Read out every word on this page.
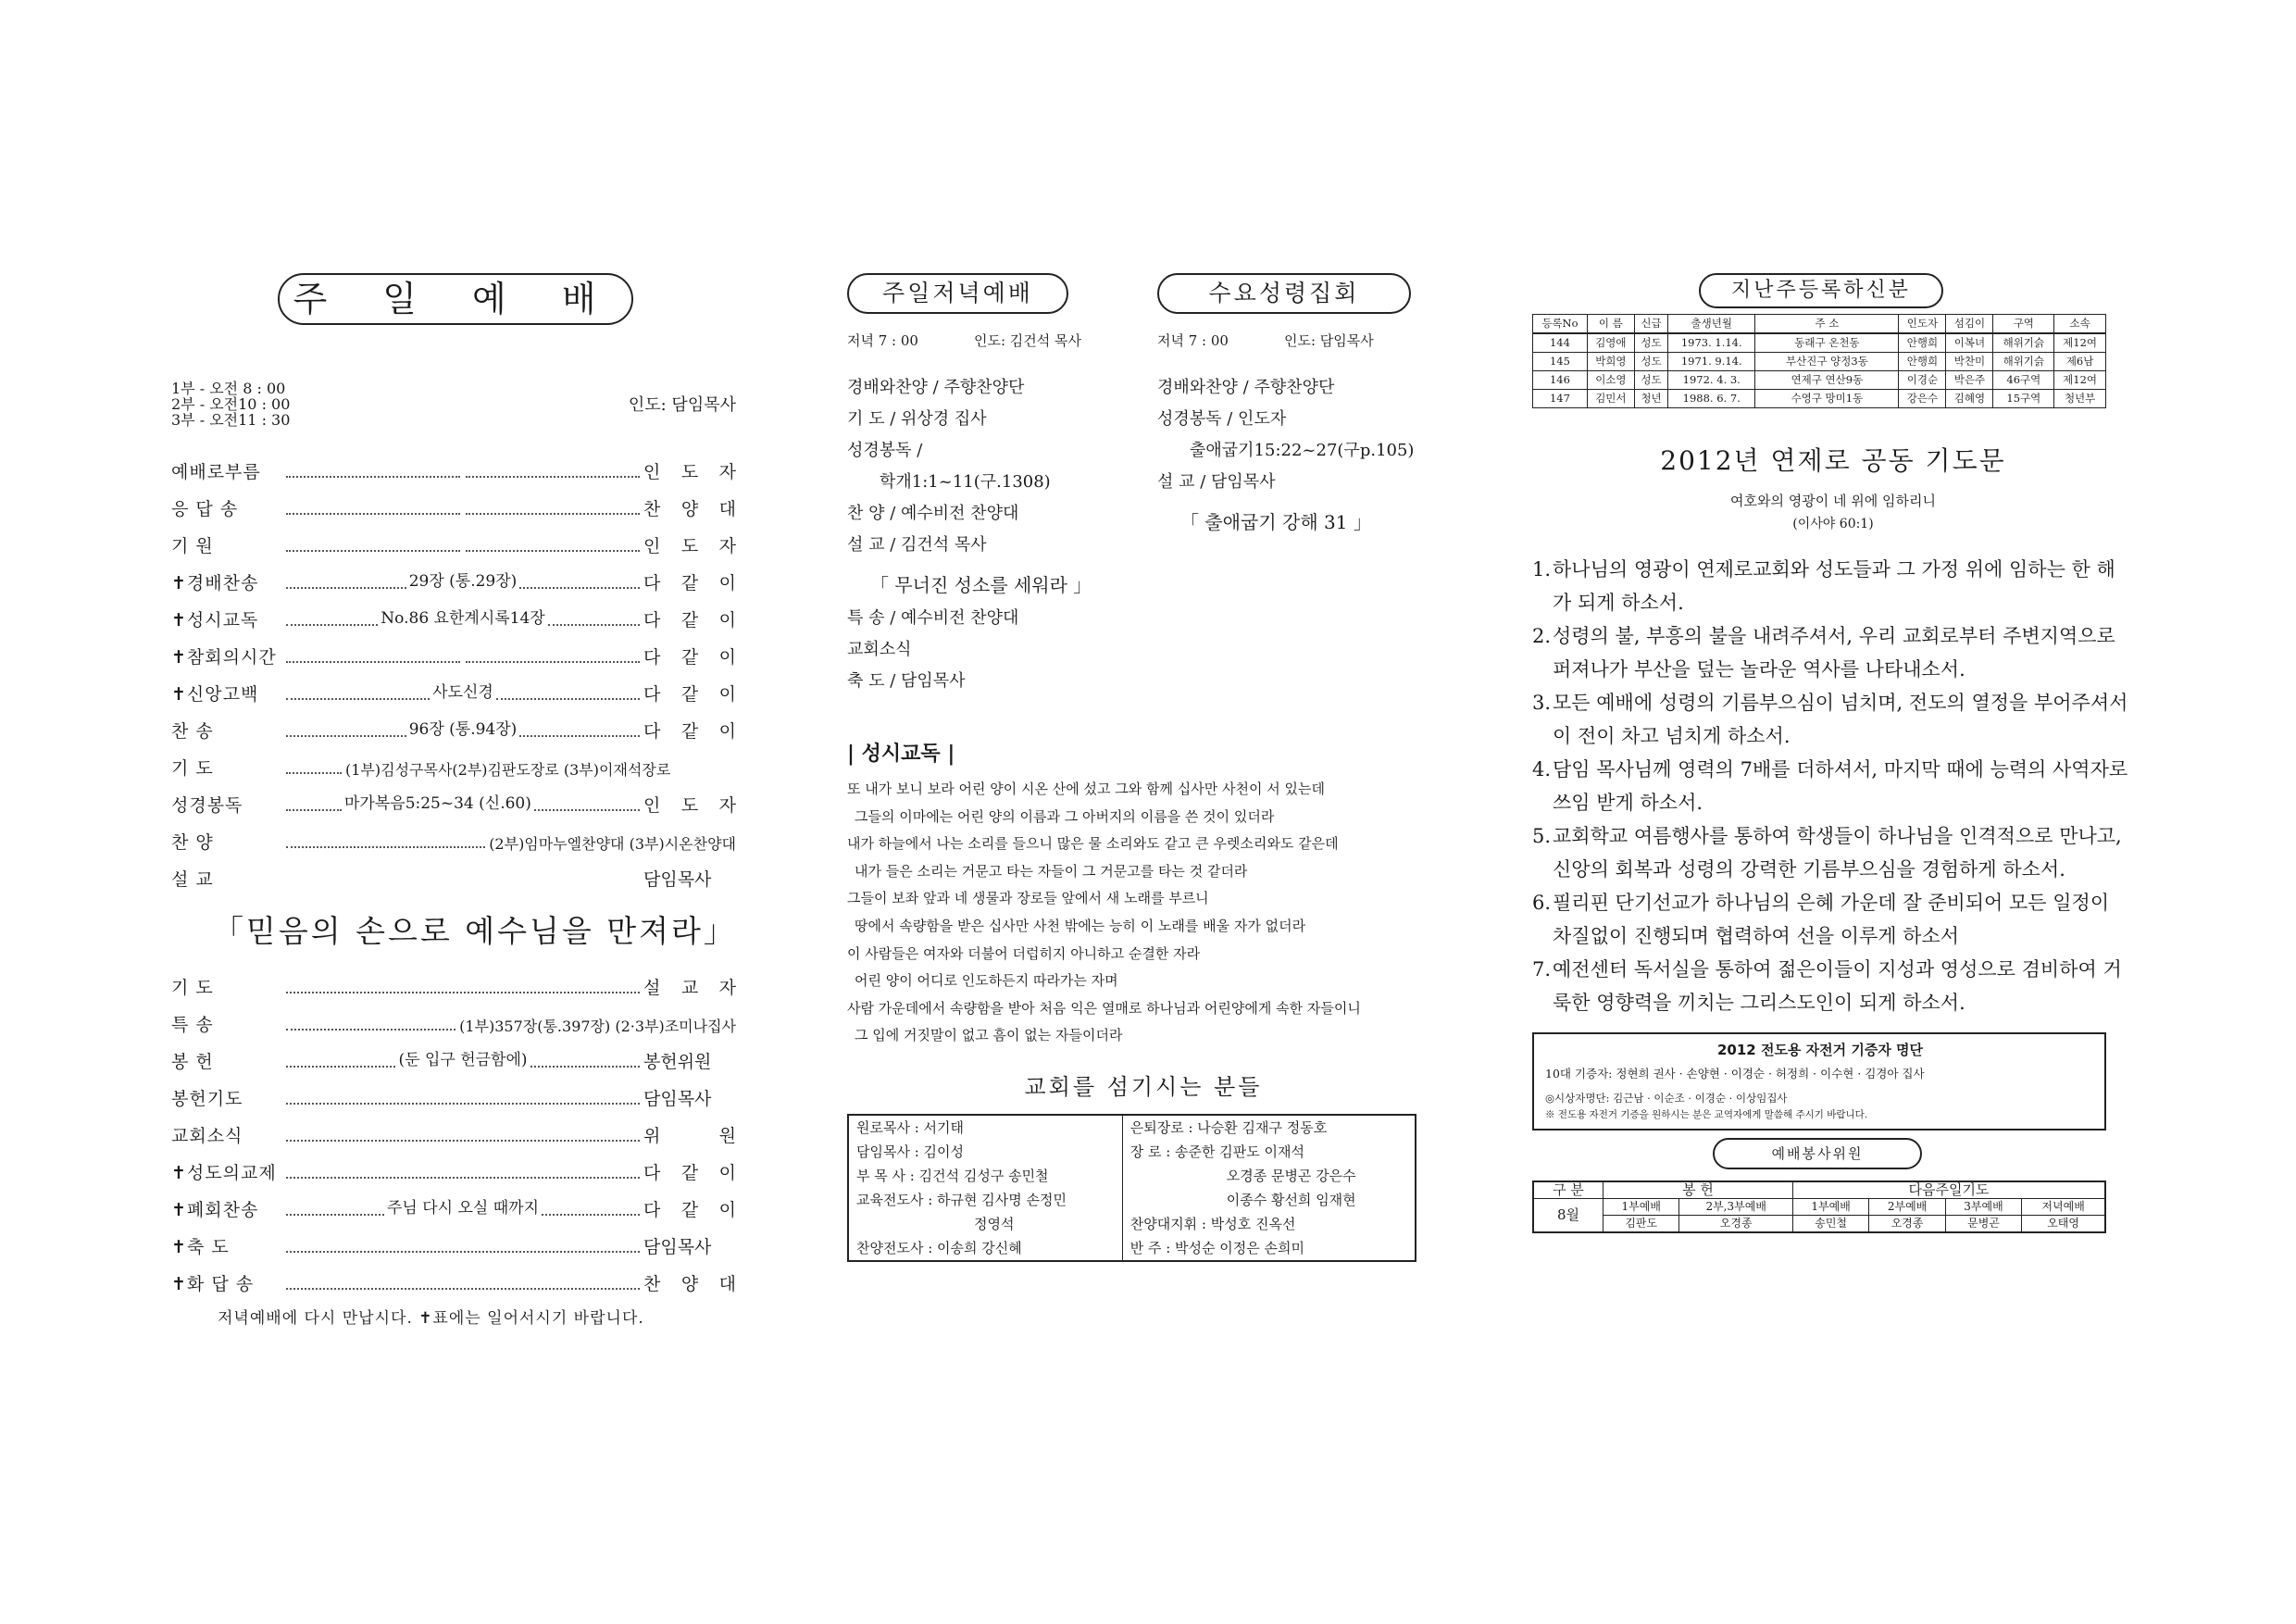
주 일 예 배
1부 - 오전 8 : 00
2부 - 오전10 : 00
3부 - 오전11 : 30
인도: 담임목사
예배로부름	인 도 자
응 답 송	찬 양 대
기 원	인 도 자
✝경배찬송	29장 (통.29장)	다 같 이
✝성시교독	No.86 요한계시록14장	다 같 이
✝참회의시간	다 같 이
✝신앙고백	사도신경	다 같 이
찬 송	96장 (통.94장)	다 같 이
기 도	(1부)김성구목사(2부)김판도장로 (3부)이재석장로
성경봉독	마가복음5:25~34 (신.60)	인 도 자
찬 양	(2부)임마누엘찬양대 (3부)시온찬양대
설 교	담임목사
「믿음의 손으로 예수님을 만져라」
기 도	설 교 자
특 송	(1부)357장(통.397장) (2·3부)조미나집사
봉 헌	(둔 입구 헌금함에)	봉헌위원
봉헌기도	담임목사
교회소식	위 원
✝성도의교제	다 같 이
✝폐회찬송	주님 다시 오실 때까지	다 같 이
✝축 도	담임목사
✝화 답 송	찬 양 대
저녁예배에 다시 만납시다. ✝표에는 일어서시기 바랍니다.
주일저녁예배
저녁 7 : 00	인도: 김건석 목사
경배와찬양 / 주향찬양단
기 도 / 위상경 집사
성경봉독 /
학개1:1~11(구.1308)
찬 양 / 예수비전 찬양대
설 교 / 김건석 목사
「 무너진 성소를 세워라 」
특 송 / 예수비전 찬양대
교회소식
축 도 / 담임목사
수요성령집회
저녁 7 : 00	인도: 담임목사
경배와찬양 / 주향찬양단
성경봉독 / 인도자
출애굽기15:22~27(구p.105)
설 교 / 담임목사
「 출애굽기 강해 31 」
| 성시교독 |
또 내가 보니 보라 어린 양이 시온 산에 섰고 그와 함께 십사만 사천이 서 있는데
그들의 이마에는 어린 양의 이름과 그 아버지의 이름을 쓴 것이 있더라
내가 하늘에서 나는 소리를 들으니 많은 물 소리와도 같고 큰 우렛소리와도 같은데
내가 들은 소리는 거문고 타는 자들이 그 거문고를 타는 것 같더라
그들이 보좌 앞과 네 생물과 장로들 앞에서 새 노래를 부르니
땅에서 속량함을 받은 십사만 사천 밖에는 능히 이 노래를 배울 자가 없더라
이 사람들은 여자와 더불어 더럽히지 아니하고 순결한 자라
어린 양이 어디로 인도하든지 따라가는 자며
사람 가운데에서 속량함을 받아 처음 익은 열매로 하나님과 어린양에게 속한 자들이니
그 입에 거짓말이 없고 흠이 없는 자들이더라
교회를 섬기시는 분들
원로목사 : 서기태	은퇴장로 : 나승환 김재구 정동호
담임목사 : 김이성	장 로 : 송준한 김판도 이재석
부 목 사 : 김건석 김성구 송민철	오경종 문병곤 강은수
교육전도사 : 하규현 김사명 손정민	이종수 황선희 임재현
정영석	찬양대지휘 : 박성호 진옥선
찬양전도사 : 이송희 강신혜	반 주 : 박성순 이정은 손희미
지난주등록하신분
등록No	이 름	신급	출생년월	주 소	인도자	섬김이	구역	소속
144	김영애	성도	1973. 1.14.	동래구 온천동	안행희	이복녀	해위기슭	제12여
145	박희영	성도	1971. 9.14.	부산진구 양정3동	안행희	박찬미	해위기슭	제6남
146	이소영	성도	1972. 4. 3.	연제구 연산9동	이경순	박은주	46구역	제12여
147	김민서	청년	1988. 6. 7.	수영구 망미1동	강은수	김혜영	15구역	청년부
2012년 연제로 공동 기도문
여호와의 영광이 네 위에 임하리니
(이사야 60:1)
1. 하나님의 영광이 연제로교회와 성도들과 그 가정 위에 임하는 한 해가 되게 하소서.
2. 성령의 불, 부흥의 불을 내려주셔서, 우리 교회로부터 주변지역으로 퍼져나가 부산을 덮는 놀라운 역사를 나타내소서.
3. 모든 예배에 성령의 기름부으심이 넘치며, 전도의 열정을 부어주셔서 이 전이 차고 넘치게 하소서.
4. 담임 목사님께 영력의 7배를 더하셔서, 마지막 때에 능력의 사역자로 쓰임 받게 하소서.
5. 교회학교 여름행사를 통하여 학생들이 하나님을 인격적으로 만나고, 신앙의 회복과 성령의 강력한 기름부으심을 경험하게 하소서.
6. 필리핀 단기선교가 하나님의 은혜 가운데 잘 준비되어 모든 일정이 차질없이 진행되며 협력하여 선을 이루게 하소서
7. 예전센터 독서실을 통하여 젊은이들이 지성과 영성으로 겸비하여 거룩한 영향력을 끼치는 그리스도인이 되게 하소서.
2012 전도용 자전거 기증자 명단
10대 기증자: 정현희 권사 · 손양현 · 이경순 · 허정희 · 이수현 · 김경아 집사
◎시상자명단: 김근남 · 이순조 · 이경순 · 이상임집사
※ 전도용 자전거 기증을 원하시는 분은 교역자에게 말씀해 주시기 바랍니다.
예배봉사위원
구 분	봉 헌		다음주일기도			
8월	1부예배	2부,3부예배	1부예배	2부예배	3부예배	저녁예배
	김판도	오경종	송민철	오경종	문병곤	오태영
